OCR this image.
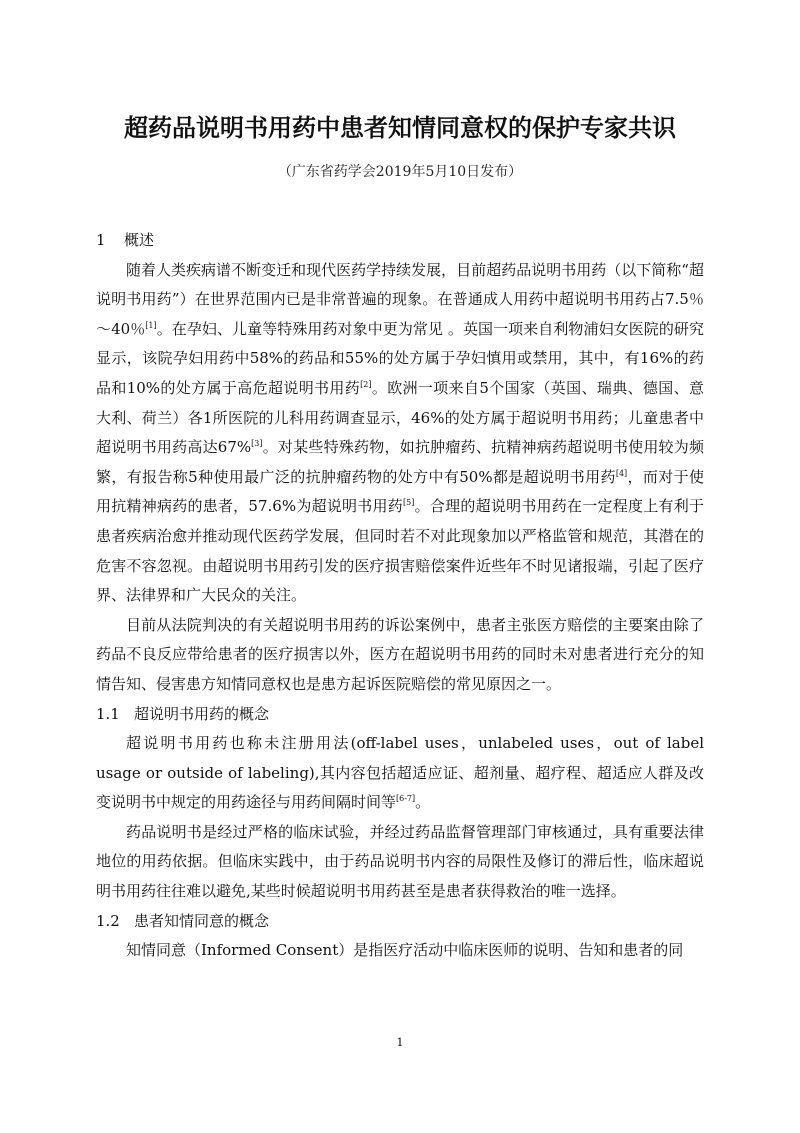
超药品说明书用药中患者知情同意权的保护专家共识
（广东省药学会2019年5月10日发布）
1 概述

随着人类疾病谱不断变迁和现代医药学持续发展，目前超药品说明书用药（以下简称“超说明书用药”）在世界范围内已是非常普遍的现象。在普通成人用药中超说明书用药占7.5％～40％[1]。在孕妇、儿童等特殊用药对象中更为常见 。英国一项来自利物浦妇女医院的研究显示，该院孕妇用药中58%的药品和55%的处方属于孕妇慎用或禁用，其中，有16%的药品和10%的处方属于高危超说明书用药[2]。欧洲一项来自5个国家（英国、瑞典、德国、意大利、荷兰）各1所医院的儿科用药调查显示，46%的处方属于超说明书用药；儿童患者中超说明书用药高达67%[3]。对某些特殊药物，如抗肿瘤药、抗精神病药超说明书使用较为频繁，有报告称5种使用最广泛的抗肿瘤药物的处方中有50%都是超说明书用药[4]，而对于使用抗精神病药的患者，57.6%为超说明书用药[5]。合理的超说明书用药在一定程度上有利于患者疾病治愈并推动现代医药学发展，但同时若不对此现象加以严格监管和规范，其潜在的危害不容忽视。由超说明书用药引发的医疗损害赔偿案件近些年不时见诸报端，引起了医疗界、法律界和广大民众的关注。

目前从法院判决的有关超说明书用药的诉讼案例中，患者主张医方赔偿的主要案由除了药品不良反应带给患者的医疗损害以外，医方在超说明书用药的同时未对患者进行充分的知情告知、侵害患方知情同意权也是患方起诉医院赔偿的常见原因之一。

1.1 超说明书用药的概念

超说明书用药也称未注册用法(off-label uses，unlabeled uses，out of label usage or outside of labeling),其内容包括超适应证、超剂量、超疗程、超适应人群及改变说明书中规定的用药途径与用药间隔时间等[6-7]。

药品说明书是经过严格的临床试验，并经过药品监督管理部门审核通过，具有重要法律地位的用药依据。但临床实践中，由于药品说明书内容的局限性及修订的滞后性，临床超说明书用药往往难以避免,某些时候超说明书用药甚至是患者获得救治的唯一选择。

1.2 患者知情同意的概念

知情同意（Informed Consent）是指医疗活动中临床医师的说明、告知和患者的同

1
